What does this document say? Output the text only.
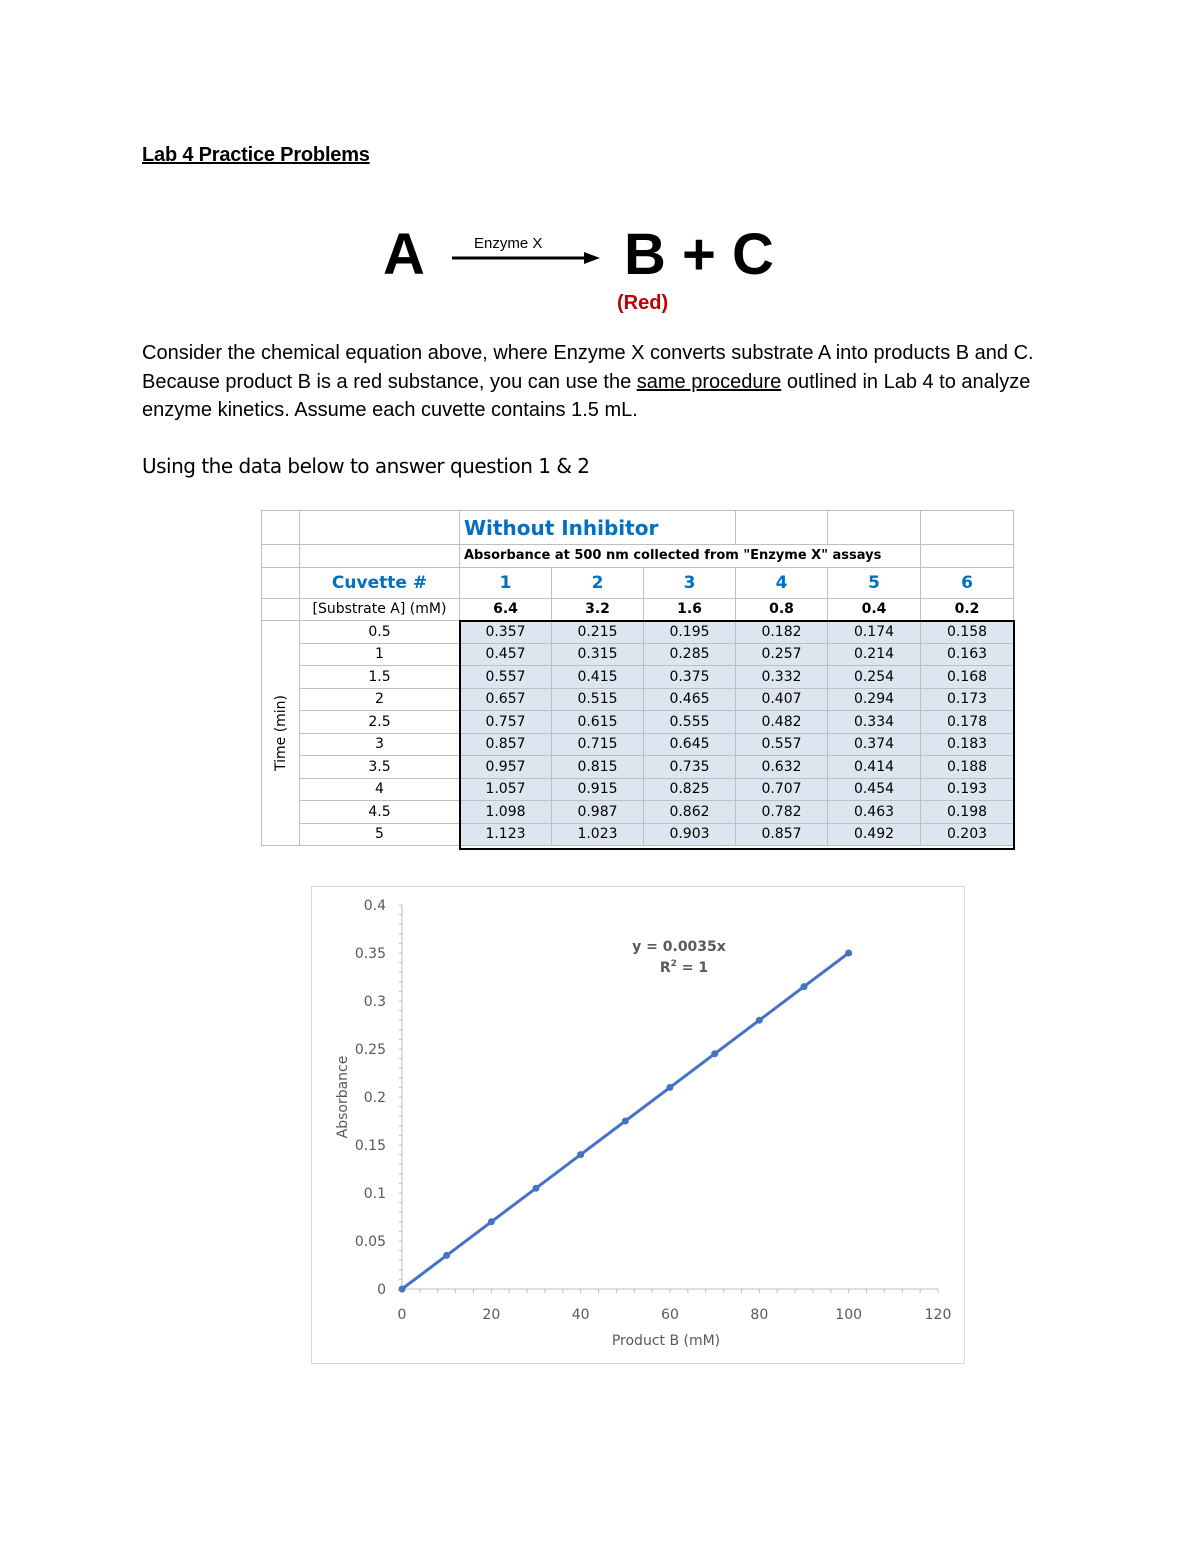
Lab 4 Practice Problems
A	Enzyme X B + C
(Red)
Consider the chemical equation above, where Enzyme X converts substrate A into products B and C. Because product B is a red substance, you can use the same procedure outlined in Lab 4 to analyze enzyme kinetics. Assume each cuvette contains 1.5 mL.
Using the data below to answer question 1 & 2
		Without Inhibitor					
		Absorbance at 500 nm collected from "Enzyme X" assays					
	Cuvette #	1	2	3	4	5	6
	[Substrate A] (mM)	6.4	3.2	1.6	0.8	0.4	0.2

Time (min)	0.5	0.357	0.215	0.195	0.182	0.174	0.158
	1	0.457	0.315	0.285	0.257	0.214	0.163
	1.5	0.557	0.415	0.375	0.332	0.254	0.168
	2	0.657	0.515	0.465	0.407	0.294	0.173
	2.5	0.757	0.615	0.555	0.482	0.334	0.178
	3	0.857	0.715	0.645	0.557	0.374	0.183
	3.5	0.957	0.815	0.735	0.632	0.414	0.188
	4	1.057	0.915	0.825	0.707	0.454	0.193
	4.5	1.098	0.987	0.862	0.782	0.463	0.198
	5	1.123	1.023	0.903	0.857	0.492	0.203
0
0.05
0.1
0.15
0.2
0.25
0.3
0.35
0.4
0	20	40	60	80	100	120
Product B (mM)
Absorbance
y = 0.0035x
$R^2 = 1$
